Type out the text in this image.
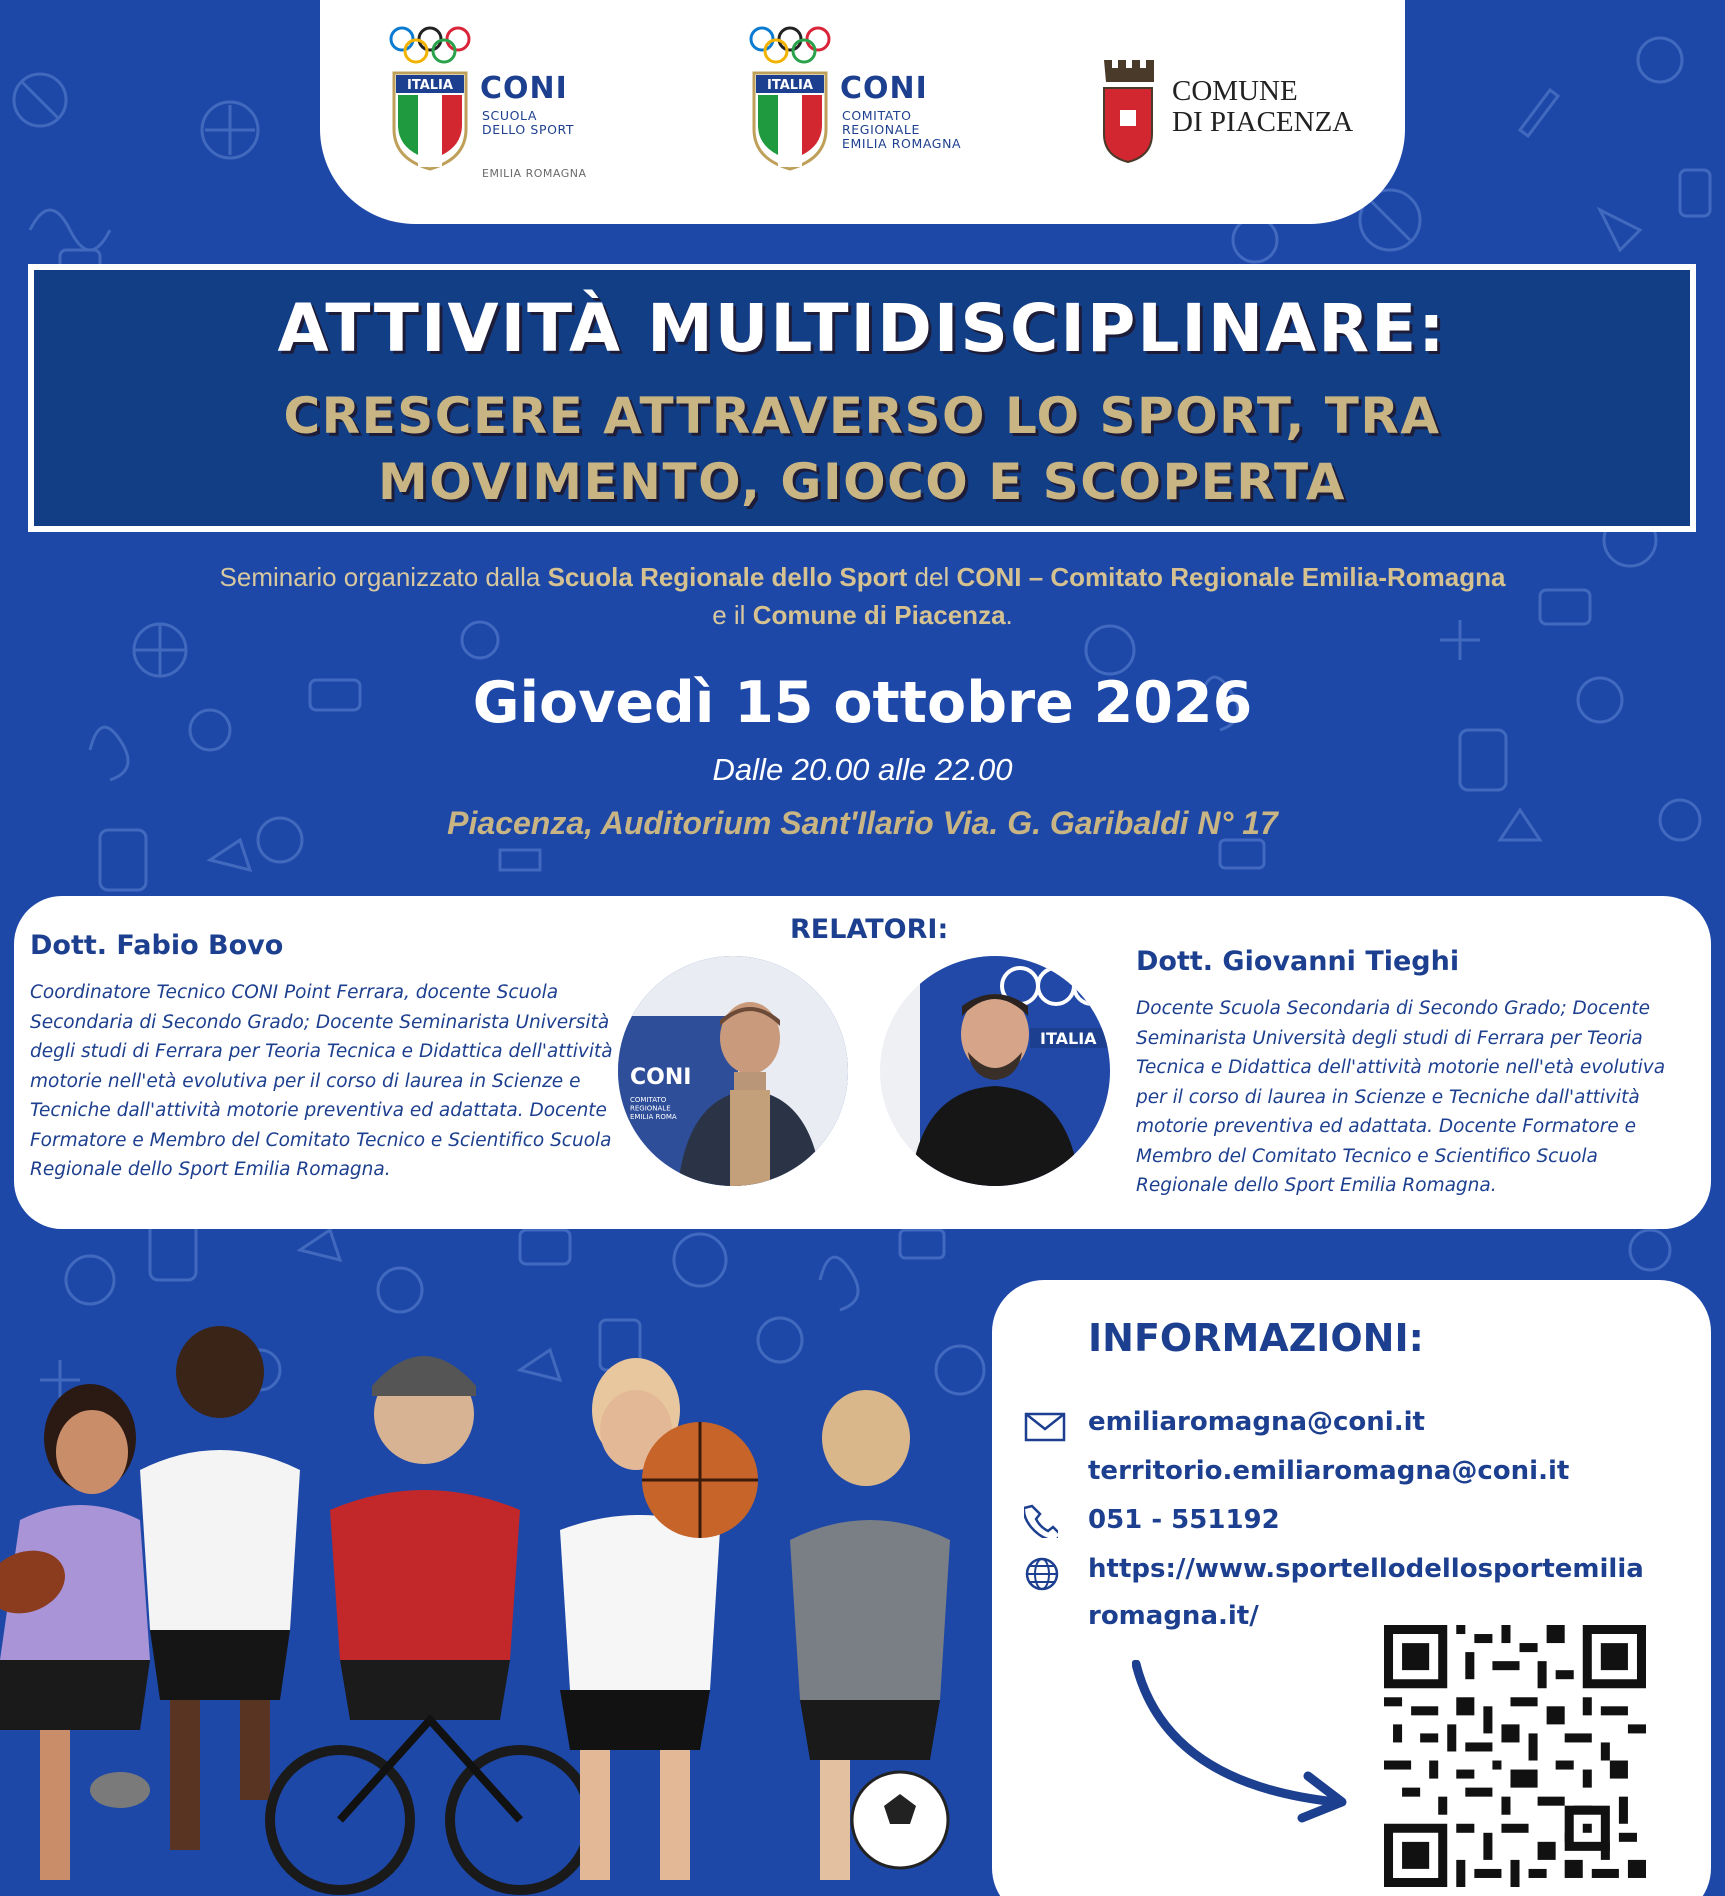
ITALIA CONI
SCUOLA
DELLO SPORT
EMILIA ROMAGNA
ITALIA CONI
COMITATO
REGIONALE
EMILIA ROMAGNA
COMUNE
DI PIACENZA
ATTIVITÀ MULTIDISCIPLINARE:
CRESCERE ATTRAVERSO LO SPORT, TRA
MOVIMENTO, GIOCO E SCOPERTA
Seminario organizzato dalla Scuola Regionale dello Sport del CONI – Comitato Regionale Emilia-Romagna
e il Comune di Piacenza.
Giovedì 15 ottobre 2026
Dalle 20.00 alle 22.00
Piacenza, Auditorium Sant'Ilario Via. G. Garibaldi N° 17
RELATORI:
Dott. Fabio Bovo
Coordinatore Tecnico CONI Point Ferrara, docente Scuola Secondaria di Secondo Grado; Docente Seminarista Università degli studi di Ferrara per Teoria Tecnica e Didattica dell'attività motorie nell'età evolutiva per il corso di laurea in Scienze e Tecniche dall'attività motorie preventiva ed adattata. Docente Formatore e Membro del Comitato Tecnico e Scientifico Scuola Regionale dello Sport Emilia Romagna.
CONI
COMITATO REGIONALE EMILIA ROMA
ITALIA
Dott. Giovanni Tieghi
Docente Scuola Secondaria di Secondo Grado; Docente Seminarista Università degli studi di Ferrara per Teoria Tecnica e Didattica dell'attività motorie nell'età evolutiva per il corso di laurea in Scienze e Tecniche dall'attività motorie preventiva ed adattata. Docente Formatore e Membro del Comitato Tecnico e Scientifico Scuola Regionale dello Sport Emilia Romagna.
INFORMAZIONI:
emiliaromagna@coni.it
territorio.emiliaromagna@coni.it
051 - 551192
https://www.sportellodellosportemilia
romagna.it/
